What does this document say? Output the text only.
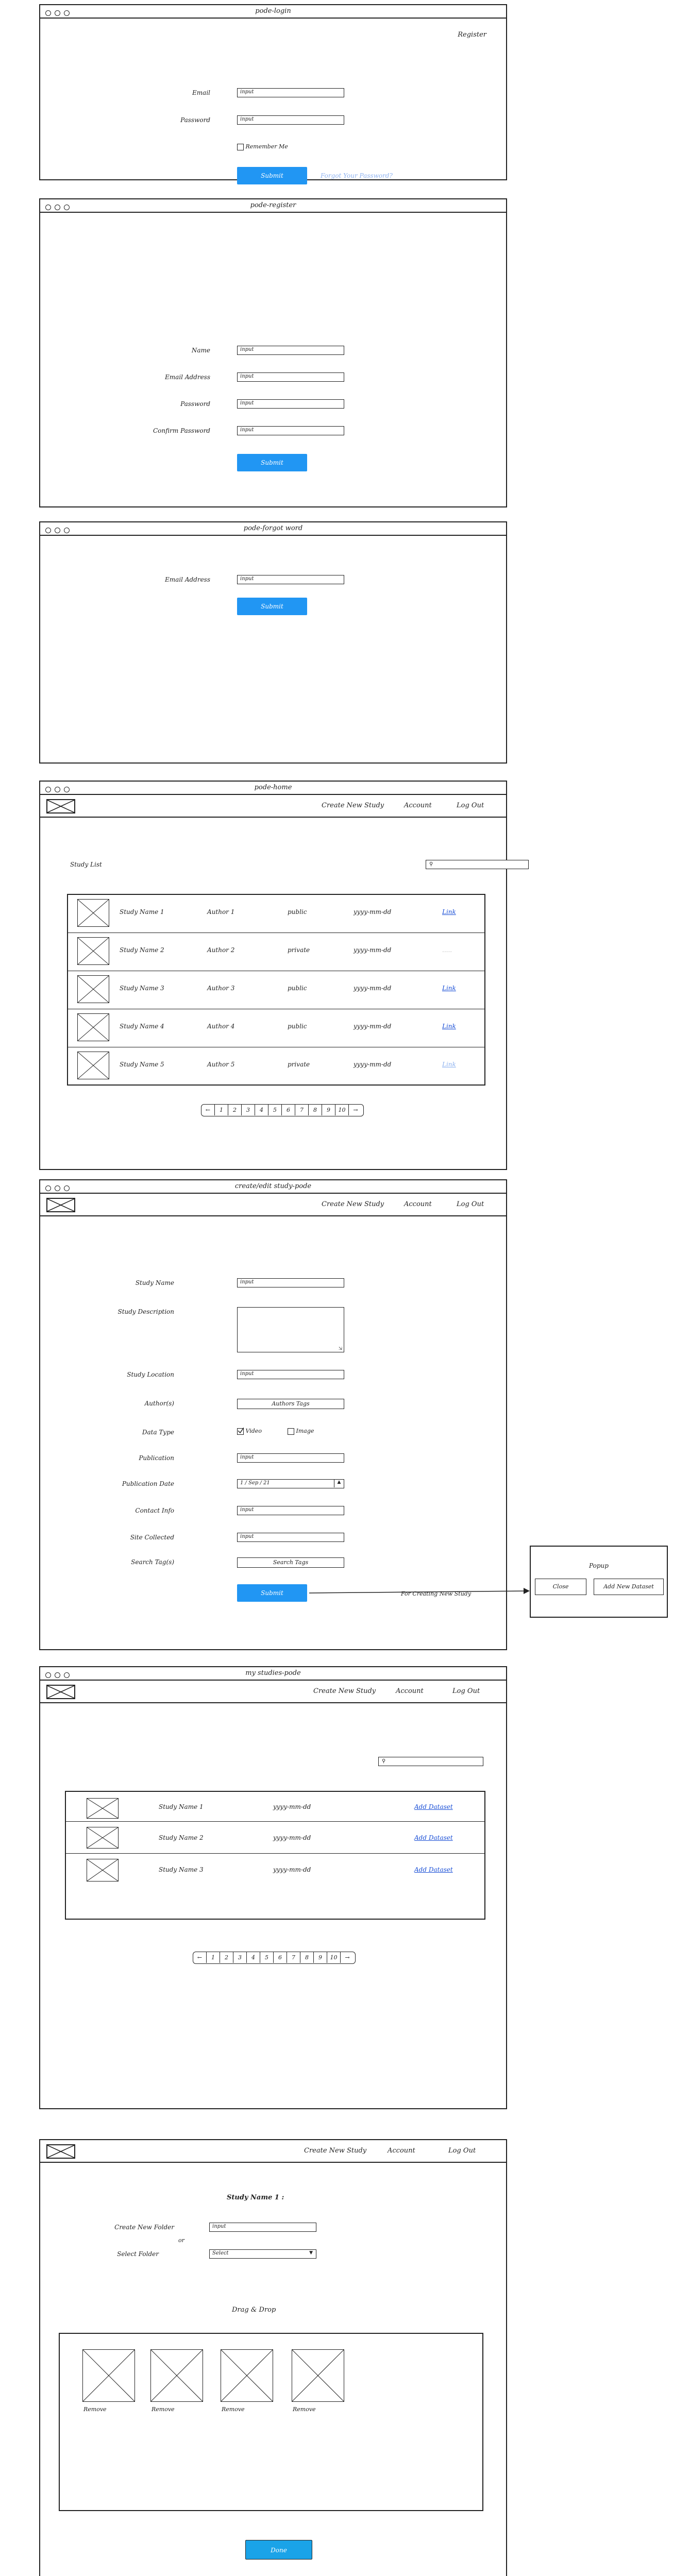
pode-login
Register
Email	input
Password	input
Remember Me
Submit	Forgot Your Password?
pode-register
Name	input
Email Address	input
Password	input
Confirm Password	input
Submit
pode-forgot word
Email Address	input
Submit
pode-home
Create New Study	Account	Log Out
Study List	⚲
Study Name 1	Author 1	public	yyyy-mm-dd	Link
Study Name 2	Author 2	private	yyyy-mm-dd	.....
Study Name 3	Author 3	public	yyyy-mm-dd	Link
Study Name 4	Author 4	public	yyyy-mm-dd	Link
Study Name 5	Author 5	private	yyyy-mm-dd	Link
← 1 2 3 4 5 6 7 8 9 10 →
create/edit study-pode
Create New Study	Account	Log Out
Study Name	input
Study Description
⇲
Study Location	input
Author(s)	Authors Tags
Data Type	Video	Image
Publication	input
Publication Date	1 / Sep / 21	▲
Contact Info	input
Site Collected	input
Search Tag(s)	Search Tags
Submit	For Creating New Study
Popup
Close	Add New Dataset
my studies-pode
Create New Study	Account	Log Out
⚲
Study Name 1	yyyy-mm-dd	Add Dataset
Study Name 2	yyyy-mm-dd	Add Dataset
Study Name 3	yyyy-mm-dd	Add Dataset
← 1 2 3 4 5 6 7 8 9 10 →
Create New Study	Account	Log Out
Study Name 1 :
Create New Folder	input
or
Select Folder	Select	▼
Drag & Drop
Remove	Remove	Remove	Remove
Done
